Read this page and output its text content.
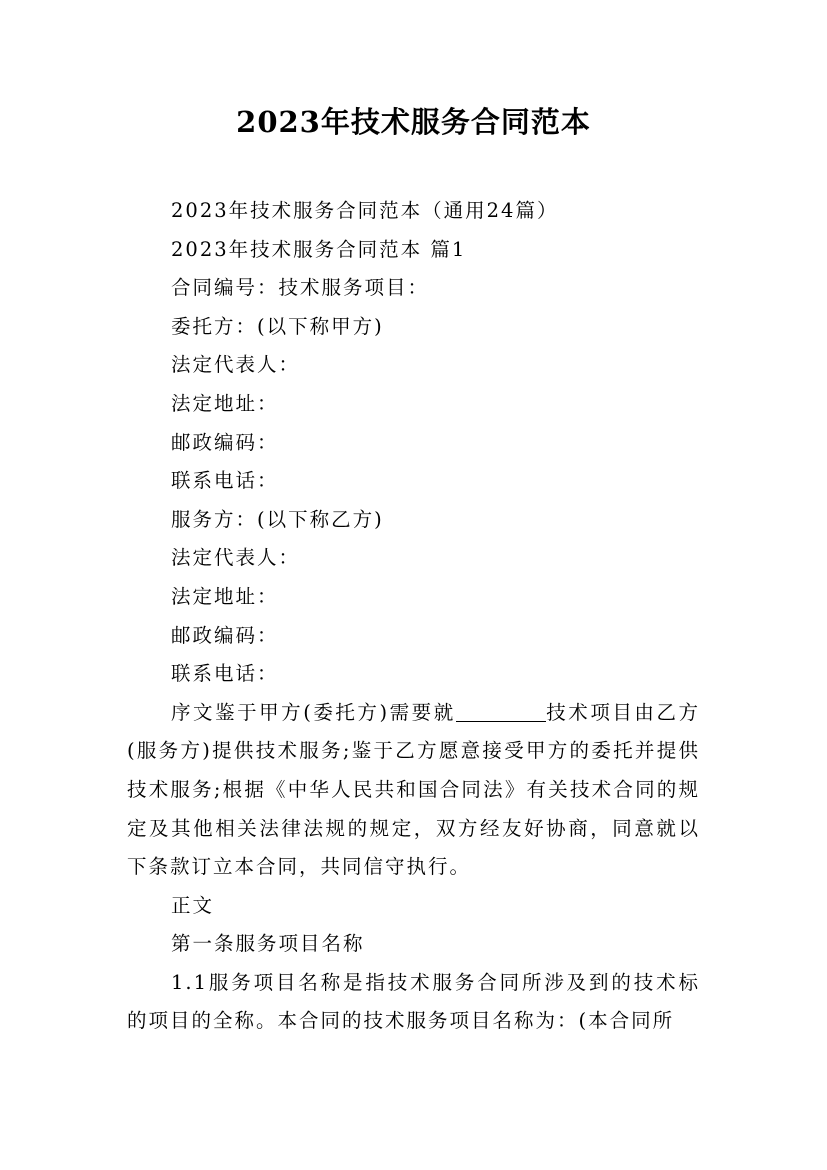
2023年技术服务合同范本

2023年技术服务合同范本（通用24篇）

2023年技术服务合同范本 篇1

合同编号：技术服务项目：

委托方：(以下称甲方)

法定代表人：

法定地址：

邮政编码：

联系电话：

服务方：(以下称乙方)

法定代表人：

法定地址：

邮政编码：

联系电话：

序文鉴于甲方(委托方)需要就	技术项目由乙方(服务方)提供技术服务;鉴于乙方愿意接受甲方的委托并提供技术服务;根据《中华人民共和国合同法》有关技术合同的规定及其他相关法律法规的规定，双方经友好协商，同意就以下条款订立本合同，共同信守执行。

正文

第一条服务项目名称

1.1服务项目名称是指技术服务合同所涉及到的技术标的项目的全称。本合同的技术服务项目名称为：(本合同所
